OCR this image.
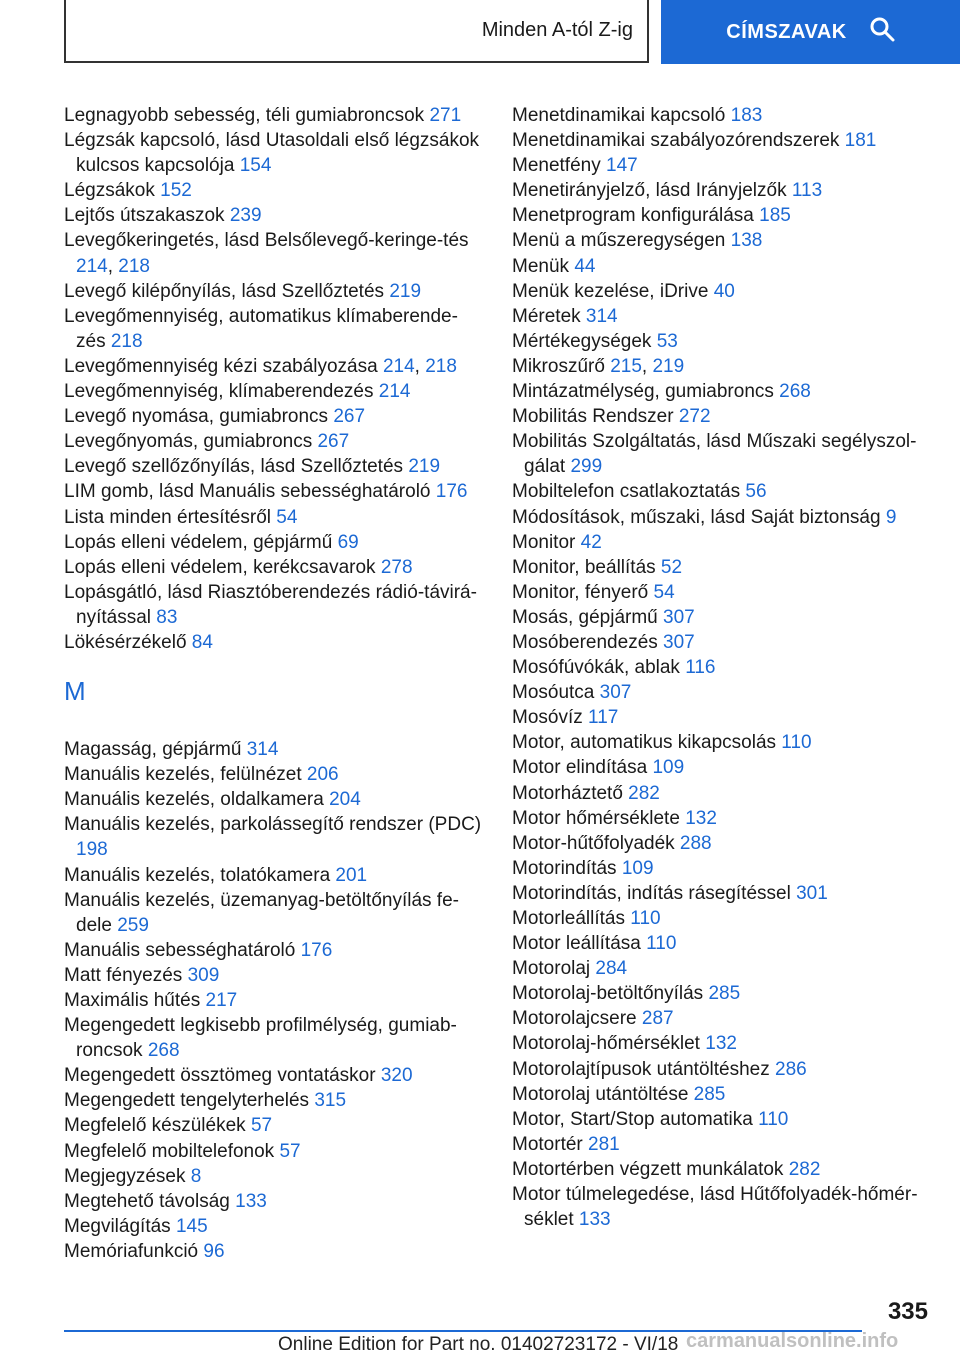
Minden A-tól Z-ig	CÍMSZAVAK
Legnagyobb sebesség, téli gumiabroncsok 271
Légzsák kapcsoló, lásd Utasoldali első légzsákok kulcsos kapcsolója 154
Légzsákok 152
Lejtős útszakaszok 239
Levegőkeringetés, lásd Belsőlevegő-keringe-tés 214, 218
Levegő kilépőnyílás, lásd Szellőztetés 219
Levegőmennyiség, automatikus klímaberende-zés 218
Levegőmennyiség kézi szabályozása 214, 218
Levegőmennyiség, klímaberendezés 214
Levegő nyomása, gumiabroncs 267
Levegőnyomás, gumiabroncs 267
Levegő szellőzőnyílás, lásd Szellőztetés 219
LIM gomb, lásd Manuális sebességhatároló 176
Lista minden értesítésről 54
Lopás elleni védelem, gépjármű 69
Lopás elleni védelem, kerékcsavarok 278
Lopásgátló, lásd Riasztóberendezés rádió-távirá-nyítással 83
Lökésérzékelő 84
M
Magasság, gépjármű 314
Manuális kezelés, felülnézet 206
Manuális kezelés, oldalkamera 204
Manuális kezelés, parkolássegítő rendszer (PDC) 198
Manuális kezelés, tolatókamera 201
Manuális kezelés, üzemanyag-betöltőnyílás fe-dele 259
Manuális sebességhatároló 176
Matt fényezés 309
Maximális hűtés 217
Megengedett legkisebb profilmélység, gumiab-roncsok 268
Megengedett össztömeg vontatáskor 320
Megengedett tengelyterhelés 315
Megfelelő készülékek 57
Megfelelő mobiltelefonok 57
Megjegyzések 8
Megtehető távolság 133
Megvilágítás 145
Memóriafunkció 96
Menetdinamikai kapcsoló 183
Menetdinamikai szabályozórendszerek 181
Menetfény 147
Menetirányjelző, lásd Irányjelzők 113
Menetprogram konfigurálása 185
Menü a műszeregységen 138
Menük 44
Menük kezelése, iDrive 40
Méretek 314
Mértékegységek 53
Mikroszűrő 215, 219
Mintázatmélység, gumiabroncs 268
Mobilitás Rendszer 272
Mobilitás Szolgáltatás, lásd Műszaki segélyszol-gálat 299
Mobiltelefon csatlakoztatás 56
Módosítások, műszaki, lásd Saját biztonság 9
Monitor 42
Monitor, beállítás 52
Monitor, fényerő 54
Mosás, gépjármű 307
Mosóberendezés 307
Mosófúvókák, ablak 116
Mosóutca 307
Mosóvíz 117
Motor, automatikus kikapcsolás 110
Motor elindítása 109
Motorháztető 282
Motor hőmérséklete 132
Motor-hűtőfolyadék 288
Motorindítás 109
Motorindítás, indítás rásegítéssel 301
Motorleállítás 110
Motor leállítása 110
Motorolaj 284
Motorolaj-betöltőnyílás 285
Motorolajcsere 287
Motorolaj-hőmérséklet 132
Motorolajtípusok utántöltéshez 286
Motorolaj utántöltése 285
Motor, Start/Stop automatika 110
Motortér 281
Motortérben végzett munkálatok 282
Motor túlmelegedése, lásd Hűtőfolyadék-hőmér-séklet 133
335
Online Edition for Part no. 01402723172 - VI/18 carmanualsonline.info
